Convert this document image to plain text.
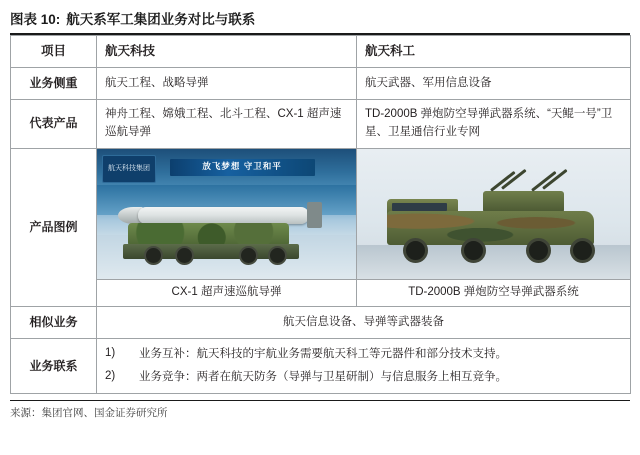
图表 10: 航天系军工集团业务对比与联系
项目	航天科技	航天科工
业务侧重	航天工程、战略导弹	航天武器、军用信息设备
代表产品	神舟工程、嫦娥工程、北斗工程、CX-1 超声速巡航导弹	TD-2000B 弹炮防空导弹武器系统、“天鲲一号”卫星、卫星通信行业专网
产品图例	航天科技集团 放飞梦想 守卫和平
CX-1 超声速巡航导弹	TD-2000B 弹炮防空导弹武器系统

相似业务	航天信息设备、导弹等武器装备	
业务联系	1) 业务互补：航天科技的宇航业务需要航天科工等元器件和部分技术支持。
2) 业务竞争：两者在航天防务（导弹与卫星研制）与信息服务上相互竞争。	
来源：集团官网、国金证券研究所
